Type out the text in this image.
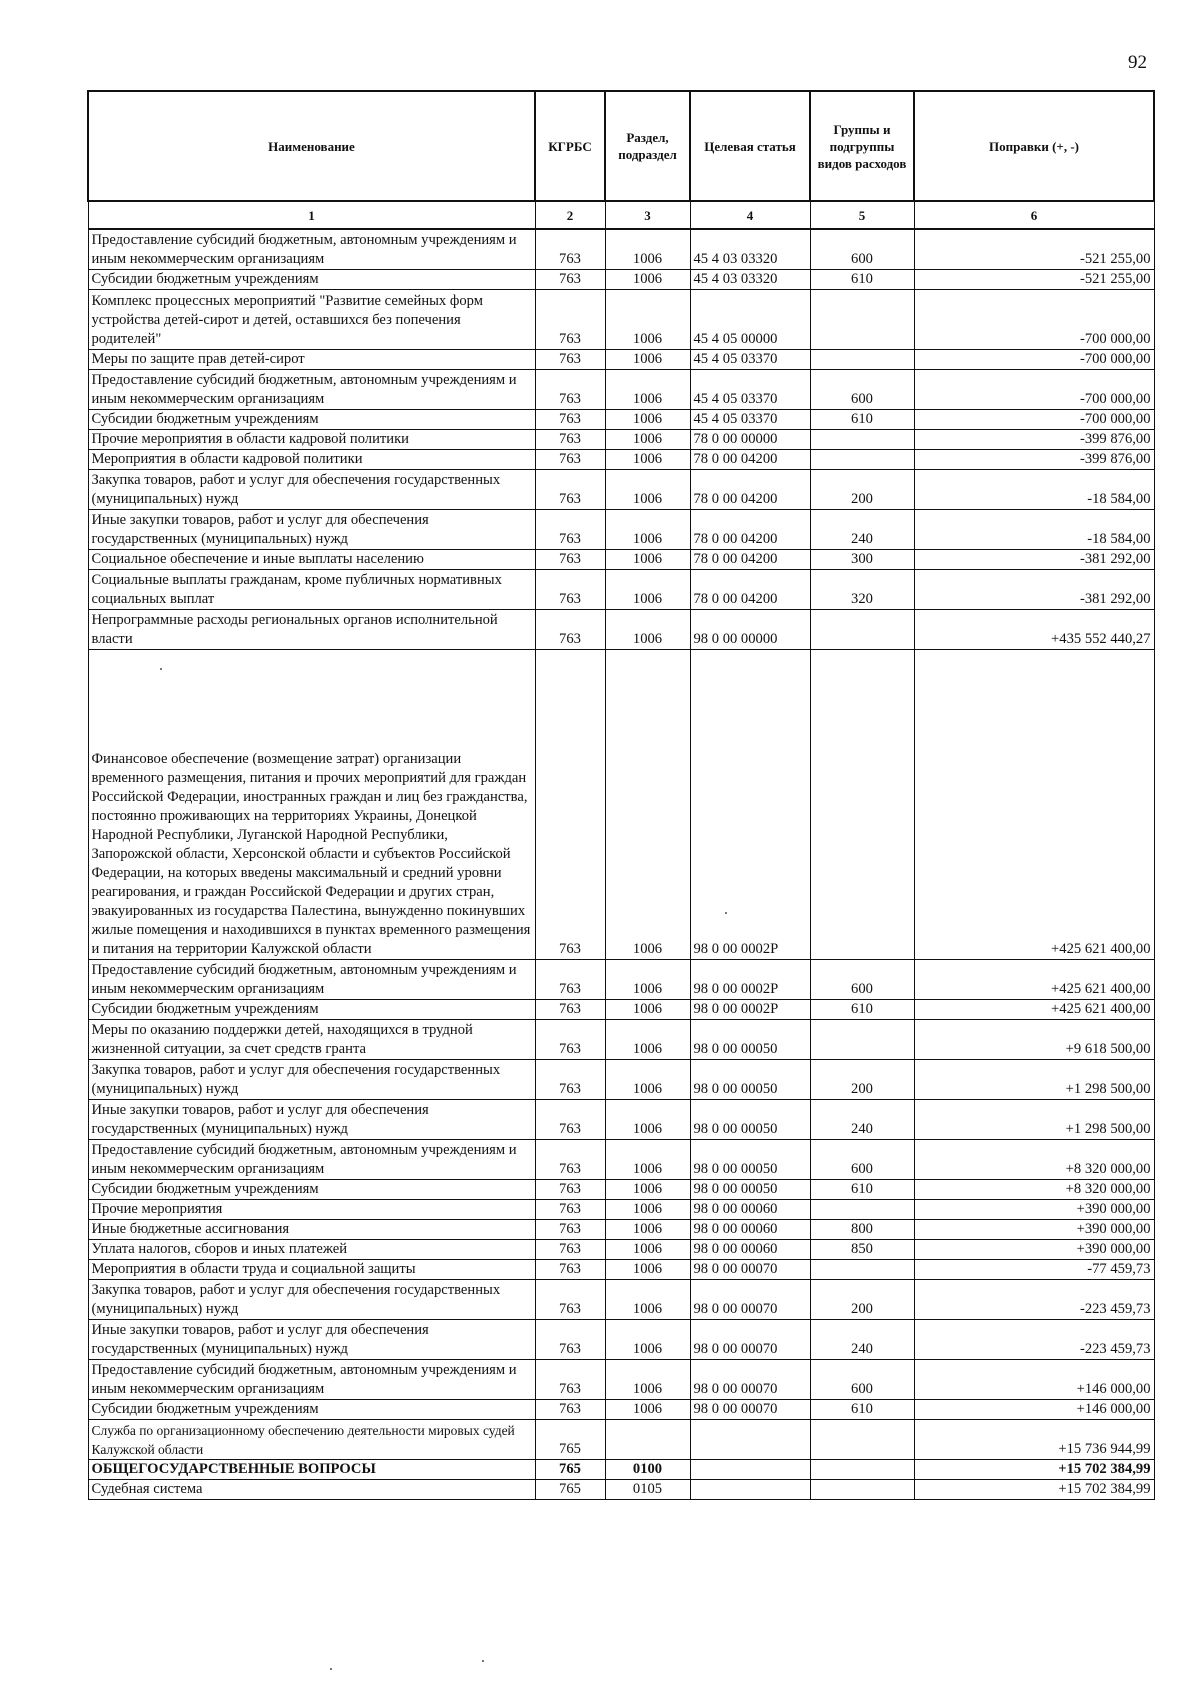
92
Наименование	КГРБС	Раздел, подраздел	Целевая статья	Группы и подгруппы видов расходов	Поправки (+, -)
1	2	3	4	5	6
Предоставление субсидий бюджетным, автономным учреждениям и иным некоммерческим организациям	763	1006	45 4 03 03320	600	-521 255,00
Субсидии бюджетным учреждениям	763	1006	45 4 03 03320	610	-521 255,00
Комплекс процессных мероприятий "Развитие семейных форм устройства детей-сирот и детей, оставшихся без попечения родителей"	763	1006	45 4 05 00000		-700 000,00
Меры по защите прав детей-сирот	763	1006	45 4 05 03370		-700 000,00
Предоставление субсидий бюджетным, автономным учреждениям и иным некоммерческим организациям	763	1006	45 4 05 03370	600	-700 000,00
Субсидии бюджетным учреждениям	763	1006	45 4 05 03370	610	-700 000,00
Прочие мероприятия в области кадровой политики	763	1006	78 0 00 00000		-399 876,00
Мероприятия в области кадровой политики	763	1006	78 0 00 04200		-399 876,00
Закупка товаров, работ и услуг для обеспечения государственных (муниципальных) нужд	763	1006	78 0 00 04200	200	-18 584,00
Иные закупки товаров, работ и услуг для обеспечения государственных (муниципальных) нужд	763	1006	78 0 00 04200	240	-18 584,00
Социальное обеспечение и иные выплаты населению	763	1006	78 0 00 04200	300	-381 292,00
Социальные выплаты гражданам, кроме публичных нормативных социальных выплат	763	1006	78 0 00 04200	320	-381 292,00
Непрограммные расходы региональных органов исполнительной власти	763	1006	98 0 00 00000		+435 552 440,27
Финансовое обеспечение (возмещение затрат) организации временного размещения, питания и прочих мероприятий для граждан Российской Федерации, иностранных граждан и лиц без гражданства, постоянно проживающих на территориях Украины, Донецкой Народной Республики, Луганской Народной Республики, Запорожской области, Херсонской области и субъектов Российской Федерации, на которых введены максимальный и средний уровни реагирования, и граждан Российской Федерации и других стран, эвакуированных из государства Палестина, вынужденно покинувших жилые помещения и находившихся в пунктах временного размещения и питания на территории Калужской области	763	1006	98 0 00 0002Р		+425 621 400,00
Предоставление субсидий бюджетным, автономным учреждениям и иным некоммерческим организациям	763	1006	98 0 00 0002Р	600	+425 621 400,00
Субсидии бюджетным учреждениям	763	1006	98 0 00 0002Р	610	+425 621 400,00
Меры по оказанию поддержки детей, находящихся в трудной жизненной ситуации, за счет средств гранта	763	1006	98 0 00 00050		+9 618 500,00
Закупка товаров, работ и услуг для обеспечения государственных (муниципальных) нужд	763	1006	98 0 00 00050	200	+1 298 500,00
Иные закупки товаров, работ и услуг для обеспечения государственных (муниципальных) нужд	763	1006	98 0 00 00050	240	+1 298 500,00
Предоставление субсидий бюджетным, автономным учреждениям и иным некоммерческим организациям	763	1006	98 0 00 00050	600	+8 320 000,00
Субсидии бюджетным учреждениям	763	1006	98 0 00 00050	610	+8 320 000,00
Прочие мероприятия	763	1006	98 0 00 00060		+390 000,00
Иные бюджетные ассигнования	763	1006	98 0 00 00060	800	+390 000,00
Уплата налогов, сборов и иных платежей	763	1006	98 0 00 00060	850	+390 000,00
Мероприятия в области труда и социальной защиты	763	1006	98 0 00 00070		-77 459,73
Закупка товаров, работ и услуг для обеспечения государственных (муниципальных) нужд	763	1006	98 0 00 00070	200	-223 459,73
Иные закупки товаров, работ и услуг для обеспечения государственных (муниципальных) нужд	763	1006	98 0 00 00070	240	-223 459,73
Предоставление субсидий бюджетным, автономным учреждениям и иным некоммерческим организациям	763	1006	98 0 00 00070	600	+146 000,00
Субсидии бюджетным учреждениям	763	1006	98 0 00 00070	610	+146 000,00
Служба по организационному обеспечению деятельности мировых судей Калужской области	765				+15 736 944,99
ОБЩЕГОСУДАРСТВЕННЫЕ ВОПРОСЫ	765	0100			+15 702 384,99
Судебная система	765	0105			+15 702 384,99
